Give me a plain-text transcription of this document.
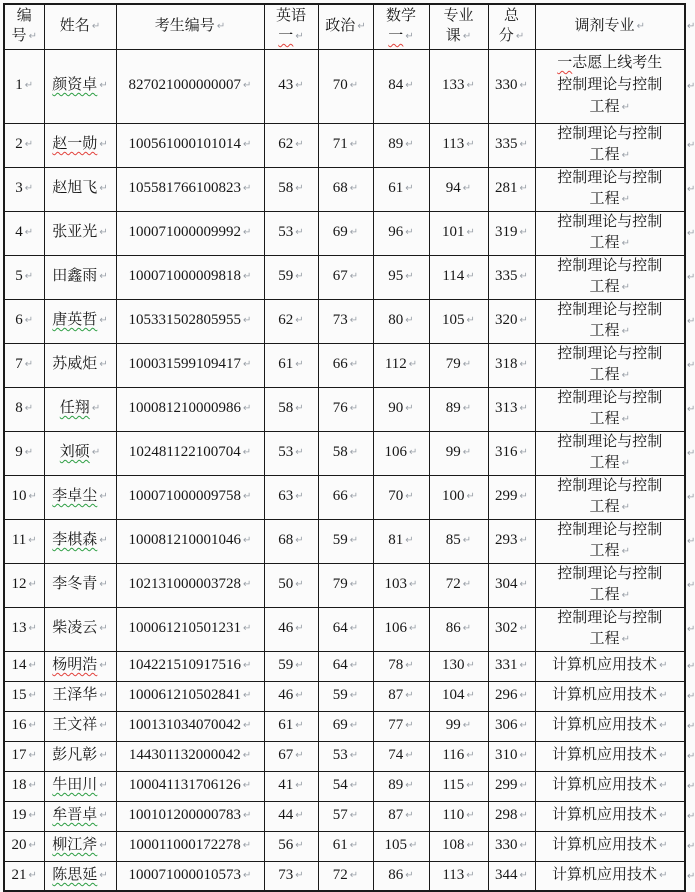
编
号 ↵	姓名 ↵	考生编号 ↵	英语
一 ↵	政治 ↵	数学
一 ↵	专业
课 ↵	总
分 ↵	调剂专业 ↵

1 ↵	颜资卓 ↵	827021000000007 ↵	43 ↵	70 ↵	84 ↵	133 ↵	330 ↵	一志愿上线考生
控制理论与控制
工程 ↵

2 ↵	赵一勋 ↵	100561000101014 ↵	62 ↵	71 ↵	89 ↵	113 ↵	335 ↵	控制理论与控制
工程 ↵

3 ↵	赵旭飞 ↵	105581766100823 ↵	58 ↵	68 ↵	61 ↵	94 ↵	281 ↵	控制理论与控制
工程 ↵

4 ↵	张亚光 ↵	100071000009992 ↵	53 ↵	69 ↵	96 ↵	101 ↵	319 ↵	控制理论与控制
工程 ↵

5 ↵	田鑫雨 ↵	100071000009818 ↵	59 ↵	67 ↵	95 ↵	114 ↵	335 ↵	控制理论与控制
工程 ↵

6 ↵	唐英哲 ↵	105331502805955 ↵	62 ↵	73 ↵	80 ↵	105 ↵	320 ↵	控制理论与控制
工程 ↵

7 ↵	苏威炬 ↵	100031599109417 ↵	61 ↵	66 ↵	112 ↵	79 ↵	318 ↵	控制理论与控制
工程 ↵

8 ↵	任翔 ↵	100081210000986 ↵	58 ↵	76 ↵	90 ↵	89 ↵	313 ↵	控制理论与控制
工程 ↵

9 ↵	刘硕 ↵	102481122100704 ↵	53 ↵	58 ↵	106 ↵	99 ↵	316 ↵	控制理论与控制
工程 ↵

10 ↵	李卓尘 ↵	100071000009758 ↵	63 ↵	66 ↵	70 ↵	100 ↵	299 ↵	控制理论与控制
工程 ↵

11 ↵	李棋森 ↵	100081210001046 ↵	68 ↵	59 ↵	81 ↵	85 ↵	293 ↵	控制理论与控制
工程 ↵

12 ↵	李冬青 ↵	102131000003728 ↵	50 ↵	79 ↵	103 ↵	72 ↵	304 ↵	控制理论与控制
工程 ↵

13 ↵	柴凌云 ↵	100061210501231 ↵	46 ↵	64 ↵	106 ↵	86 ↵	302 ↵	控制理论与控制
工程 ↵

14 ↵	杨明浩 ↵	104221510917516 ↵	59 ↵	64 ↵	78 ↵	130 ↵	331 ↵	计算机应用技术 ↵

15 ↵	王泽华 ↵	100061210502841 ↵	46 ↵	59 ↵	87 ↵	104 ↵	296 ↵	计算机应用技术 ↵

16 ↵	王文祥 ↵	100131034070042 ↵	61 ↵	69 ↵	77 ↵	99 ↵	306 ↵	计算机应用技术 ↵

17 ↵	彭凡彰 ↵	144301132000042 ↵	67 ↵	53 ↵	74 ↵	116 ↵	310 ↵	计算机应用技术 ↵

18 ↵	牛田川 ↵	100041131706126 ↵	41 ↵	54 ↵	89 ↵	115 ↵	299 ↵	计算机应用技术 ↵

19 ↵	牟晋卓 ↵	100101200000783 ↵	44 ↵	57 ↵	87 ↵	110 ↵	298 ↵	计算机应用技术 ↵

20 ↵	柳江斧 ↵	100011000172278 ↵	56 ↵	61 ↵	105 ↵	108 ↵	330 ↵	计算机应用技术 ↵

21 ↵	陈思延 ↵	100071000010573 ↵	73 ↵	72 ↵	86 ↵	113 ↵	344 ↵	计算机应用技术 ↵
↵
↵
↵
↵
↵
↵
↵
↵
↵
↵
↵
↵
↵
↵
↵
↵
↵
↵
↵
↵
↵
↵
